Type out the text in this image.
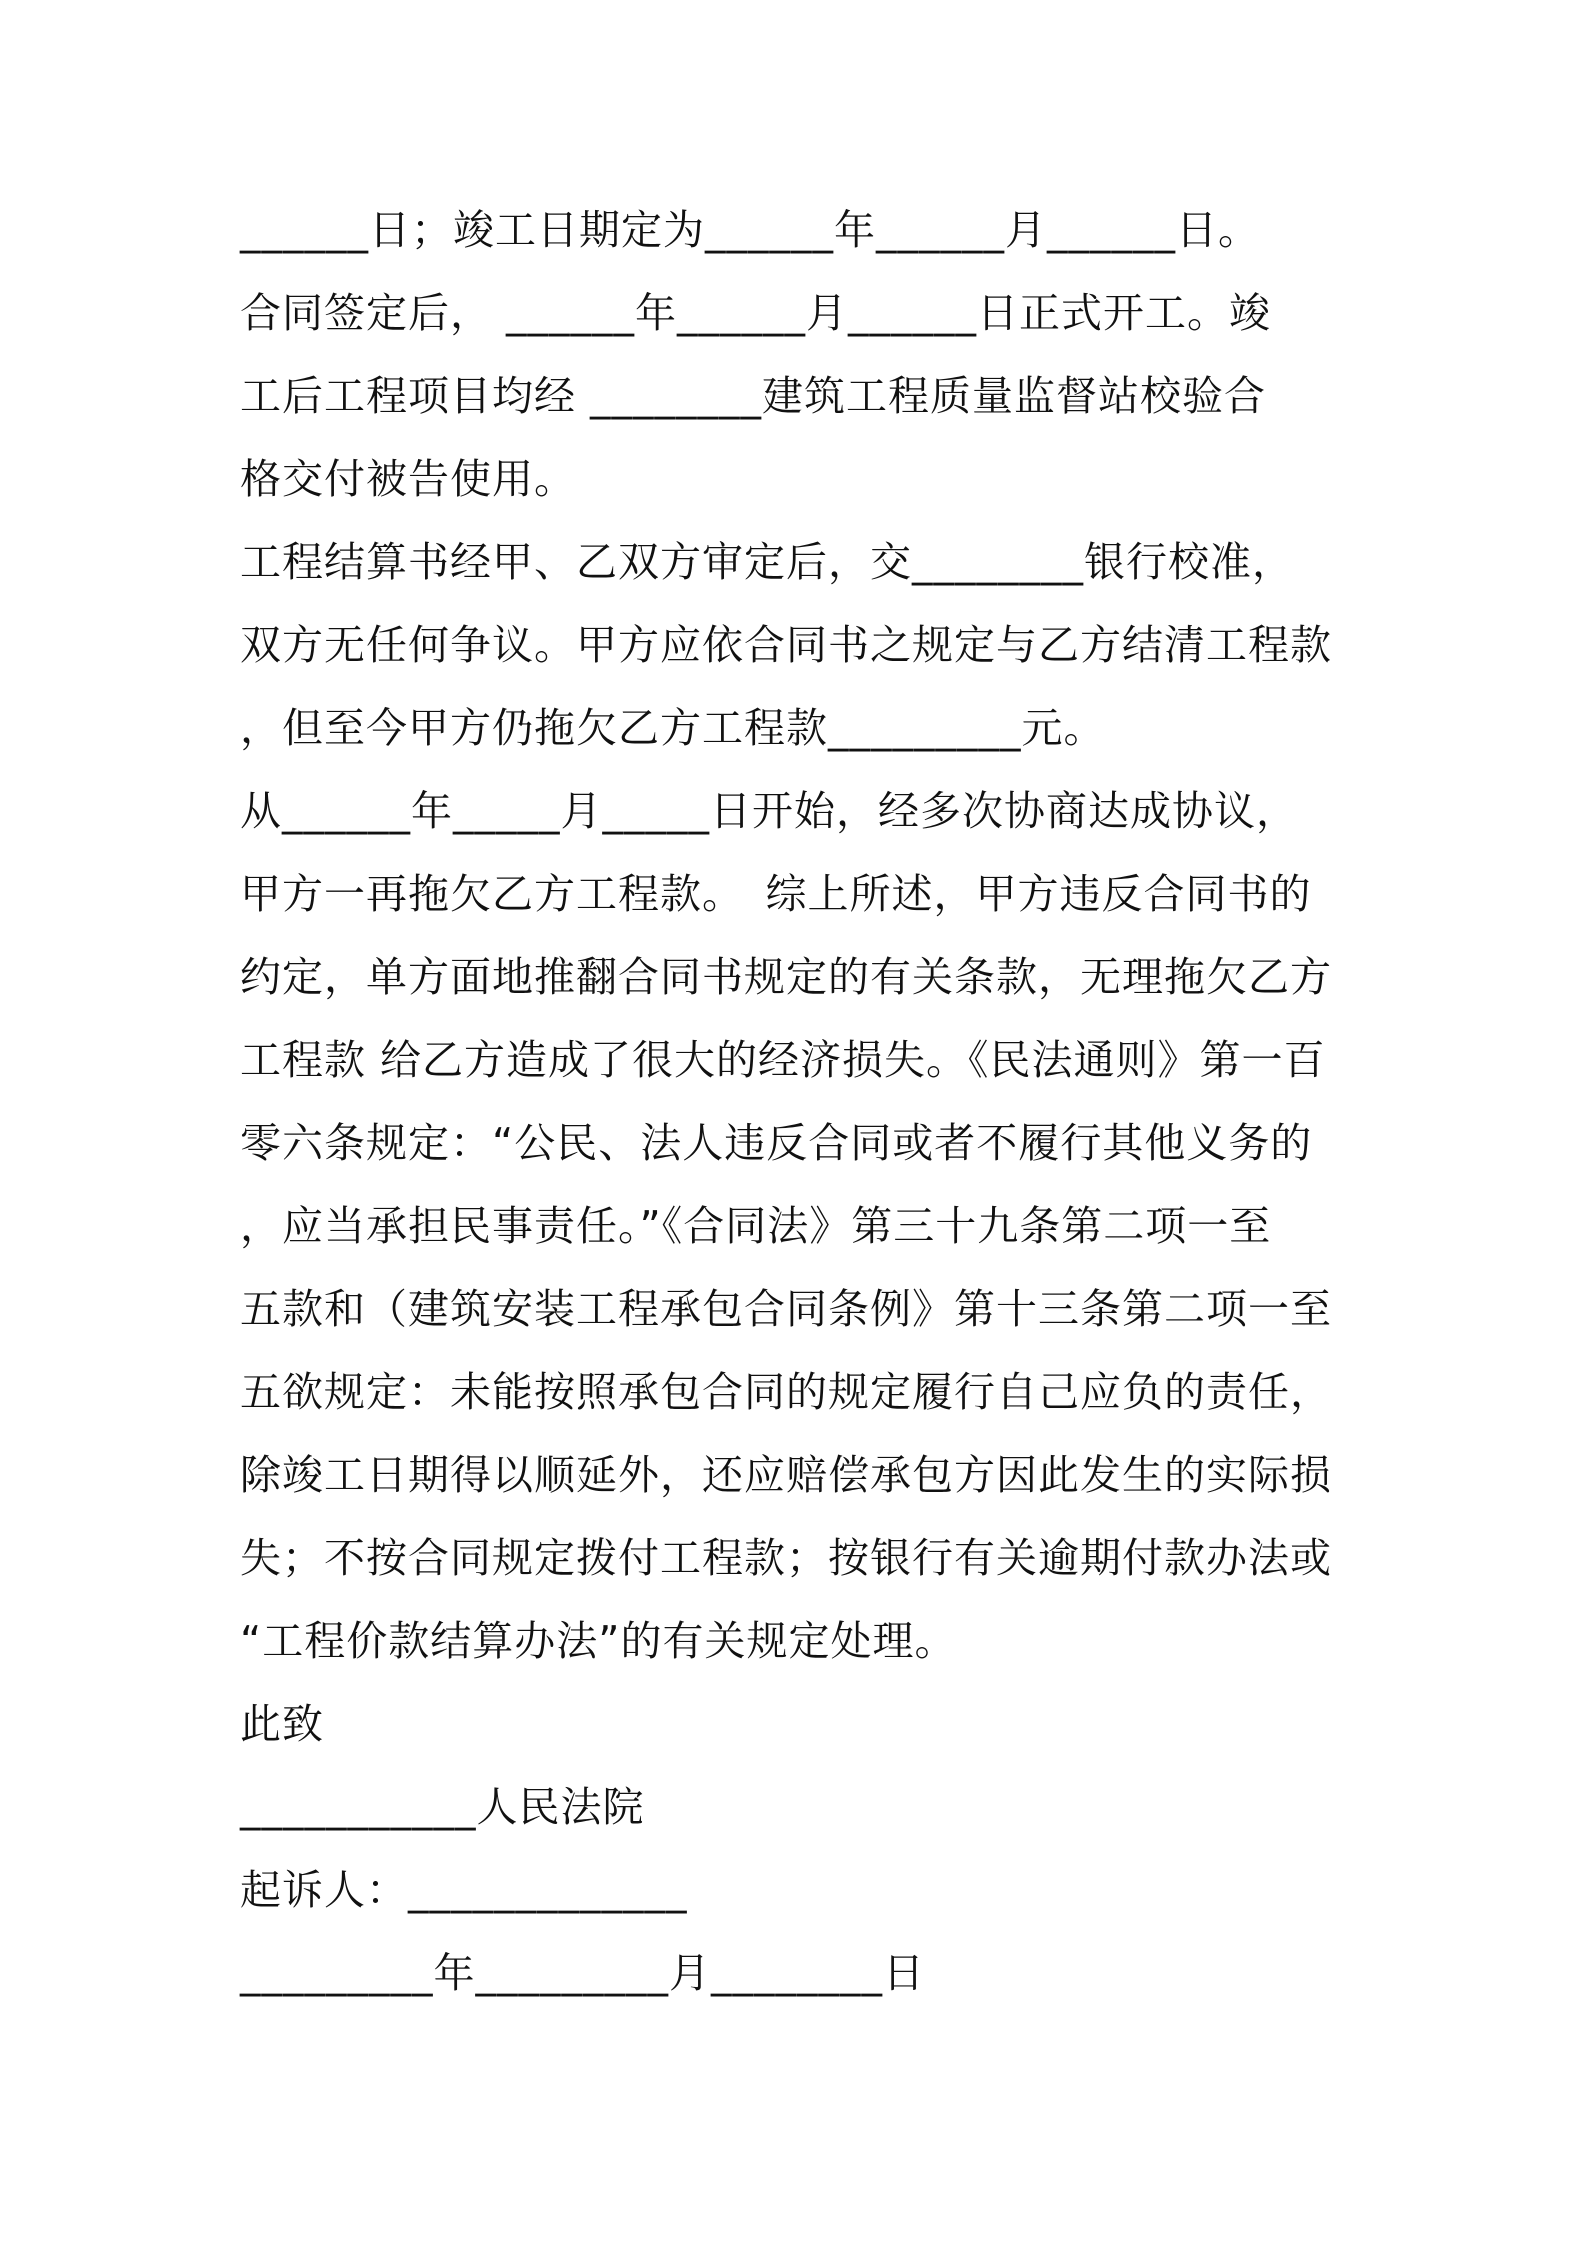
______日；竣工日期定为______年______月______日。
合同签定后， ______年______月______日正式开工。竣
工后工程项目均经 ________建筑工程质量监督站校验合
格交付被告使用。
工程结算书经甲、乙双方审定后，交________银行校准，
双方无任何争议。甲方应依合同书之规定与乙方结清工程款
，但至今甲方仍拖欠乙方工程款_________元。
从______年_____月_____日开始，经多次协商达成协议，
甲方一再拖欠乙方工程款。　综上所述，甲方违反合同书的
约定，单方面地推翻合同书规定的有关条款，无理拖欠乙方
工程款 给乙方造成了很大的经济损失。《民法通则》第一百
零六条规定：“公民、法人违反合同或者不履行其他义务的
，应当承担民事责任。”《合同法》第三十九条第二项一至
五款和（建筑安装工程承包合同条例》第十三条第二项一至
五欲规定：未能按照承包合同的规定履行自己应负的责任，
除竣工日期得以顺延外，还应赔偿承包方因此发生的实际损
失；不按合同规定拨付工程款；按银行有关逾期付款办法或
“工程价款结算办法”的有关规定处理。
此致
___________人民法院
起诉人：_____________
_________年_________月________日
